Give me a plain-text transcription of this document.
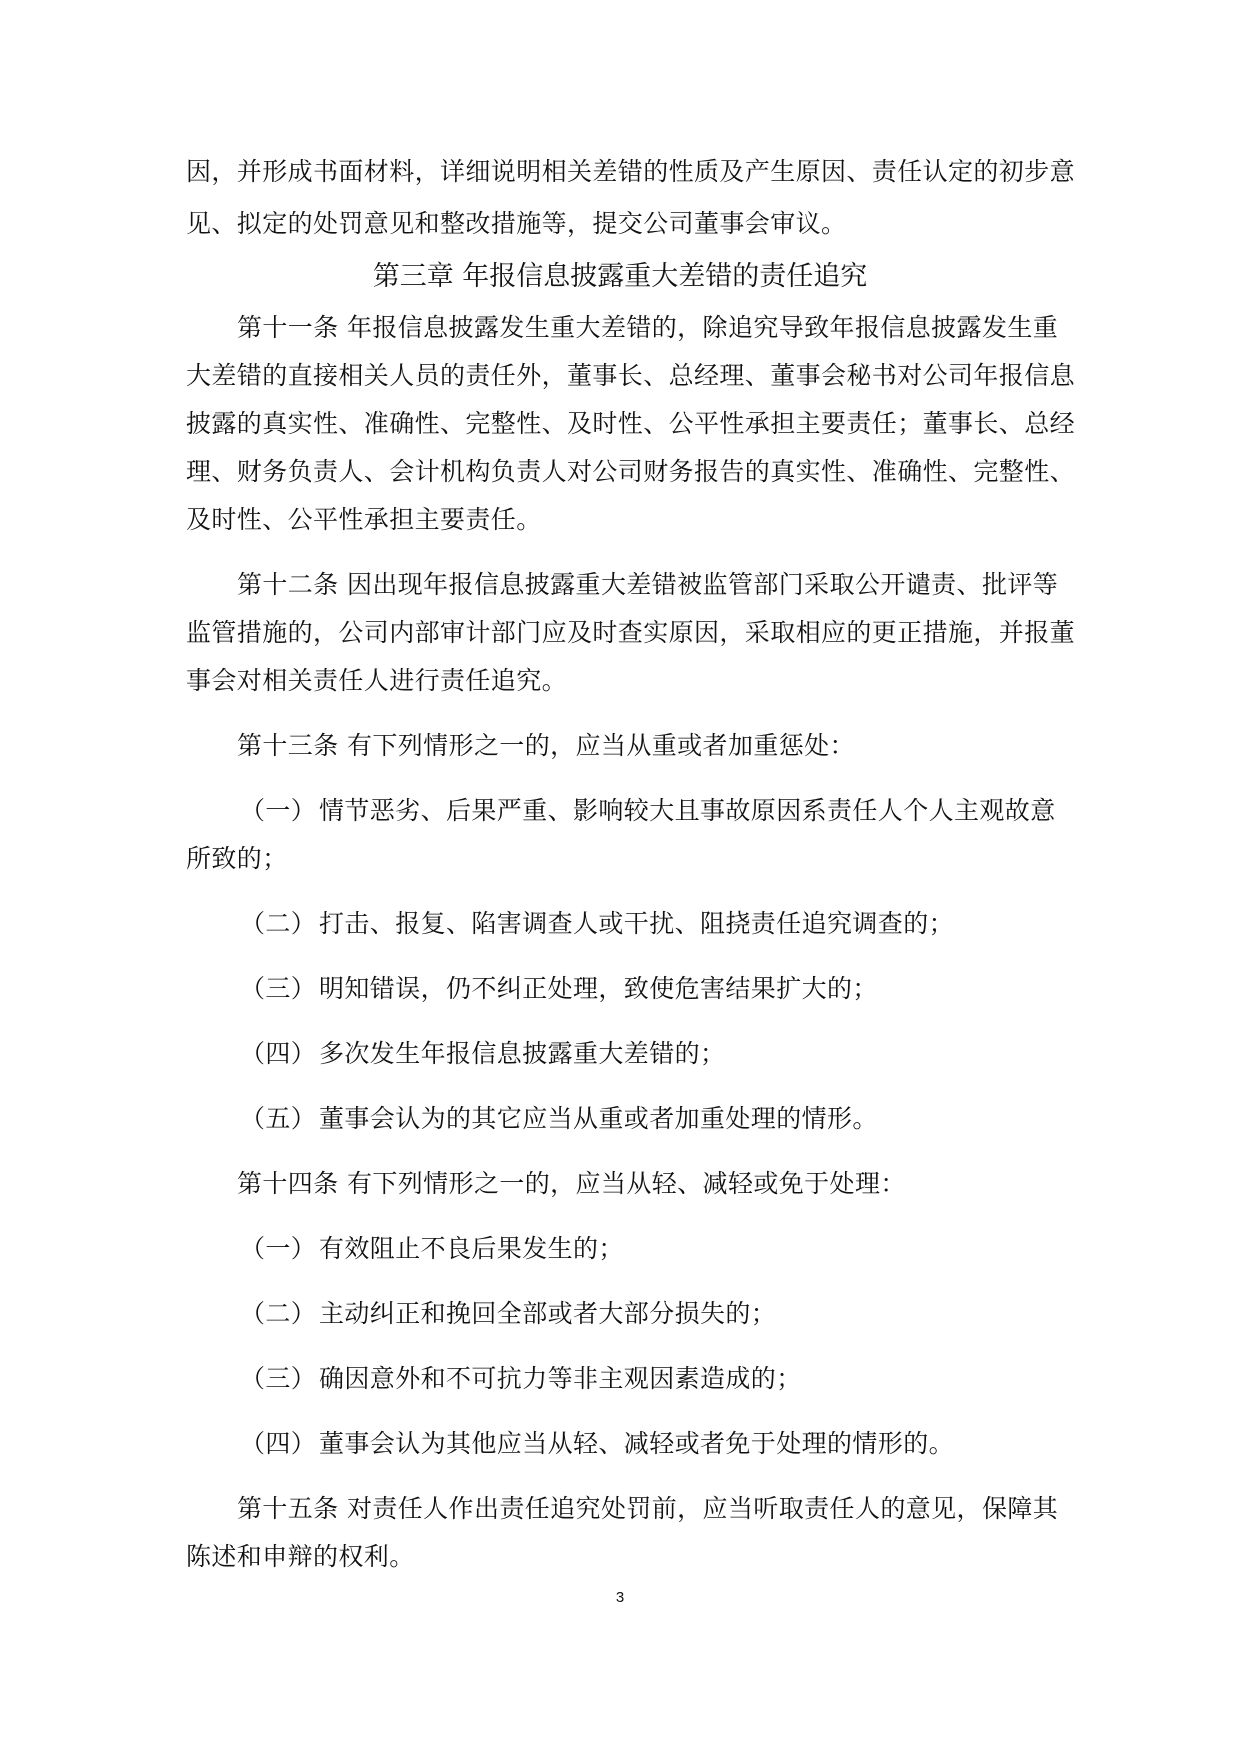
因，并形成书面材料，详细说明相关差错的性质及产生原因、责任认定的初步意
见、拟定的处罚意见和整改措施等，提交公司董事会审议。
第三章 年报信息披露重大差错的责任追究
第十一条 年报信息披露发生重大差错的，除追究导致年报信息披露发生重
大差错的直接相关人员的责任外，董事长、总经理、董事会秘书对公司年报信息
披露的真实性、准确性、完整性、及时性、公平性承担主要责任；董事长、总经
理、财务负责人、会计机构负责人对公司财务报告的真实性、准确性、完整性、
及时性、公平性承担主要责任。
第十二条 因出现年报信息披露重大差错被监管部门采取公开谴责、批评等
监管措施的，公司内部审计部门应及时查实原因，采取相应的更正措施，并报董
事会对相关责任人进行责任追究。
第十三条 有下列情形之一的，应当从重或者加重惩处：
（一） 情节恶劣、后果严重、影响较大且事故原因系责任人个人主观故意
所致的；
（二） 打击、报复、陷害调查人或干扰、阻挠责任追究调查的；
（三） 明知错误，仍不纠正处理，致使危害结果扩大的；
（四） 多次发生年报信息披露重大差错的；
（五） 董事会认为的其它应当从重或者加重处理的情形。
第十四条 有下列情形之一的，应当从轻、减轻或免于处理：
（一） 有效阻止不良后果发生的；
（二） 主动纠正和挽回全部或者大部分损失的；
（三） 确因意外和不可抗力等非主观因素造成的；
（四） 董事会认为其他应当从轻、减轻或者免于处理的情形的。
第十五条 对责任人作出责任追究处罚前，应当听取责任人的意见，保障其
陈述和申辩的权利。
3
